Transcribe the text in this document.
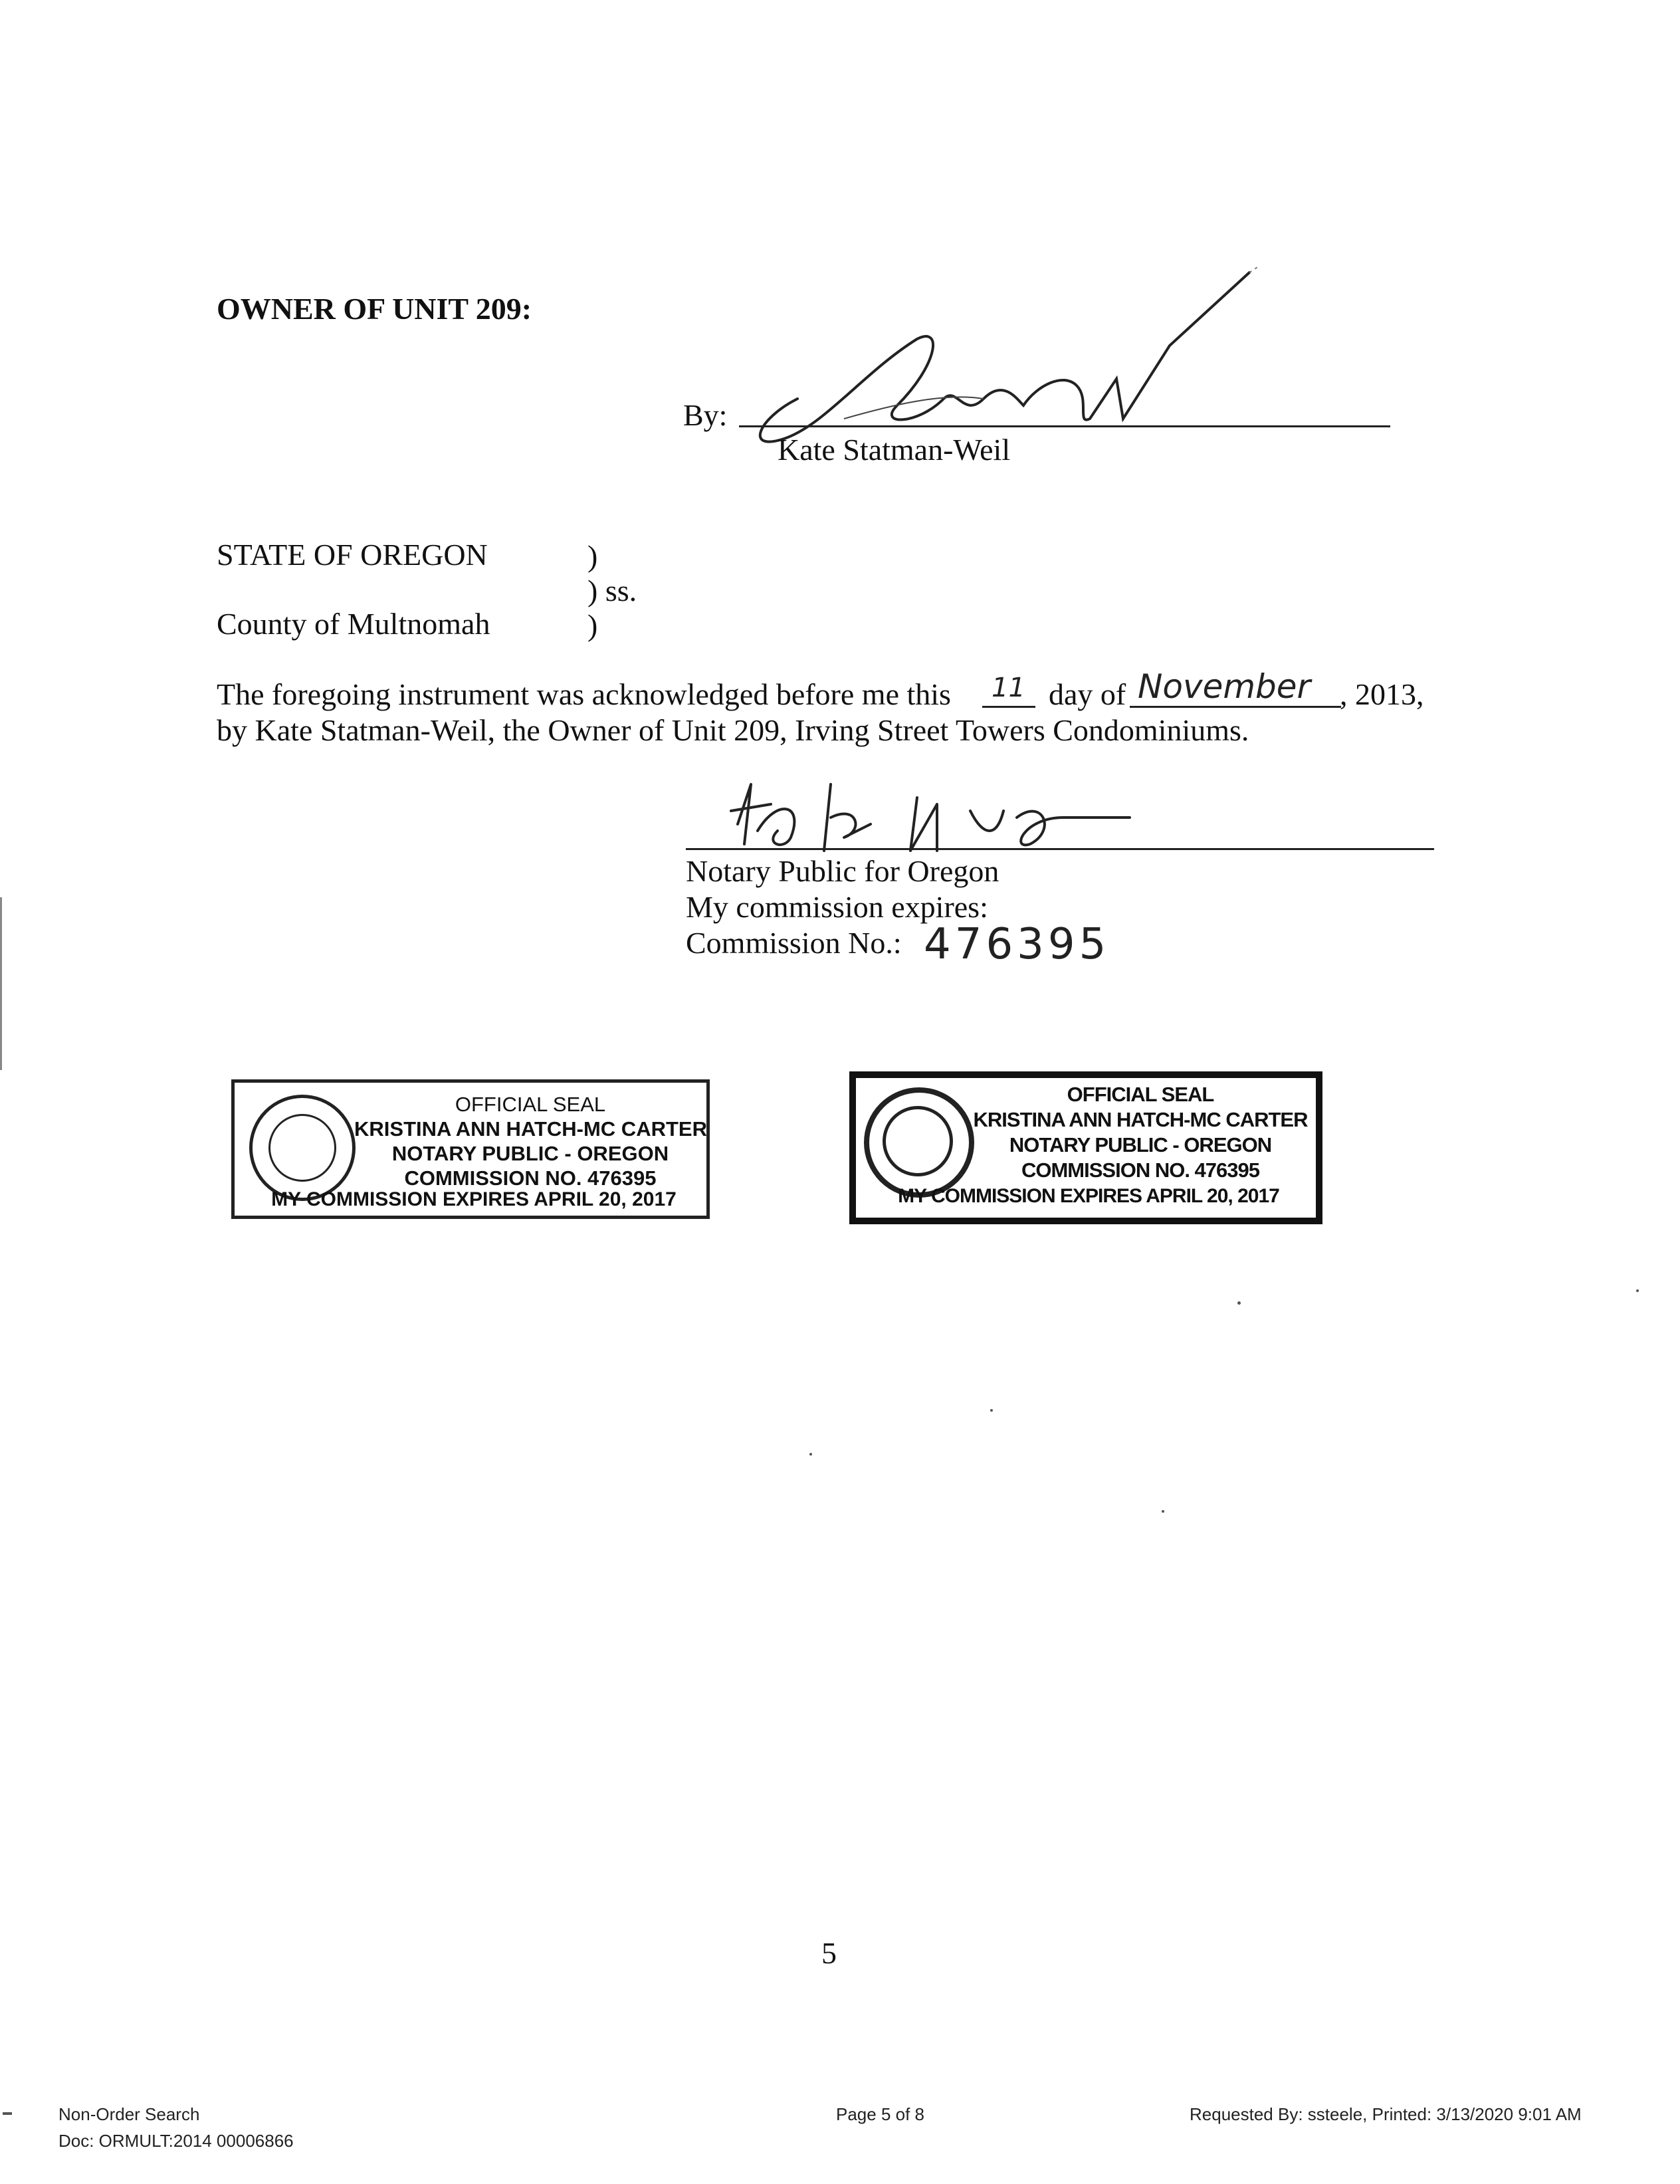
OWNER OF UNIT 209:
By:
Kate Statman-Weil
STATE OF OREGON	)
) ss.
County of Multnomah	)
The foregoing instrument was acknowledged before me this 11 day of November , 2013,
by Kate Statman-Weil, the Owner of Unit 209, Irving Street Towers Condominiums.
Notary Public for Oregon
My commission expires:
Commission No.: 476395
OFFICIAL SEAL
KRISTINA ANN HATCH-MC CARTER
NOTARY PUBLIC - OREGON
COMMISSION NO. 476395
MY COMMISSION EXPIRES APRIL 20, 2017
OFFICIAL SEAL
KRISTINA ANN HATCH-MC CARTER
NOTARY PUBLIC - OREGON
COMMISSION NO. 476395
MY COMMISSION EXPIRES APRIL 20, 2017
5
Non-Order Search
Doc: ORMULT:2014 00006866
Page 5 of 8	Requested By: ssteele, Printed: 3/13/2020 9:01 AM
